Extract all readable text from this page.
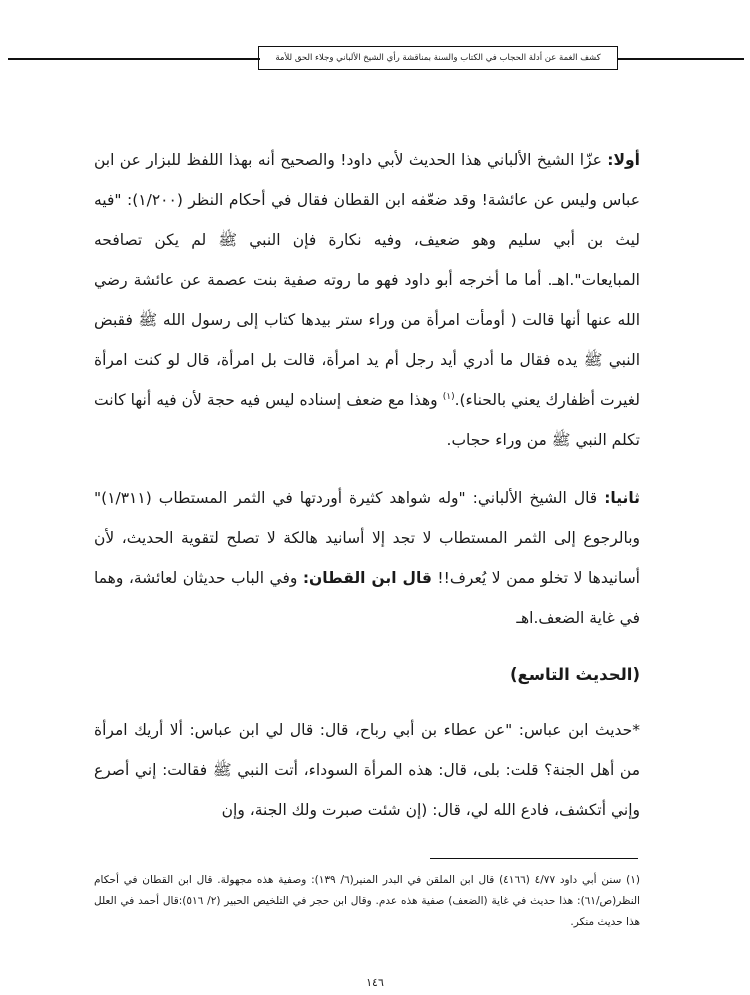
كشف الغمة عن أدلة الحجاب في الكتاب والسنة بمناقشة رأي الشيخ الألباني وجلاء الحق للأمة
أولا: عزّا الشيخ الألباني هذا الحديث لأبي داود! والصحيح أنه بهذا اللفظ للبزار عن ابن عباس وليس عن عائشة! وقد ضعّفه ابن القطان فقال في أحكام النظر (١/٢٠٠): "فيه ليث بن أبي سليم وهو ضعيف، وفيه نكارة فإن النبي ﷺ لم يكن تصافحه المبايعات".اهـ. أما ما أخرجه أبو داود فهو ما روته صفية بنت عصمة عن عائشة رضي الله عنها أنها قالت ( أومأت امرأة من وراء ستر بيدها كتاب إلى رسول الله ﷺ فقبض النبي ﷺ يده فقال ما أدري أيد رجل أم يد امرأة، قالت بل امرأة، قال لو كنت امرأة لغيرت أظفارك يعني بالحناء).$^{(١)}$ وهذا مع ضعف إسناده ليس فيه حجة لأن فيه أنها كانت تكلم النبي ﷺ من وراء حجاب.
ثانيا: قال الشيخ الألباني: "وله شواهد كثيرة أوردتها في الثمر المستطاب (١/٣١١)" وبالرجوع إلى الثمر المستطاب لا تجد إلا أسانيد هالكة لا تصلح لتقوية الحديث، لأن أسانيدها لا تخلو ممن لا يُعرف!! قال ابن القطان: وفي الباب حديثان لعائشة، وهما في غاية الضعف.اهـ
(الحديث التاسع)
*حديث ابن عباس: "عن عطاء بن أبي رباح، قال: قال لي ابن عباس: ألا أريك امرأة من أهل الجنة؟ قلت: بلى، قال: هذه المرأة السوداء، أتت النبي ﷺ فقالت: إني أصرع وإني أتكشف، فادع الله لي، قال: (إن شئت صبرت ولك الجنة، وإن
(١) سنن أبي داود ٤/٧٧ (٤١٦٦) قال ابن الملقن في البدر المنير(٦/ ١٣٩): وصفية هذه مجهولة. قال ابن القطان في أحكام النظر(ص/٦١): هذا حديث في غاية (الضعف) صفية هذه عدم. وقال ابن حجر في التلخيص الحبير (٢/ ٥١٦):قال أحمد في العلل هذا حديث منكر.
١٤٦
